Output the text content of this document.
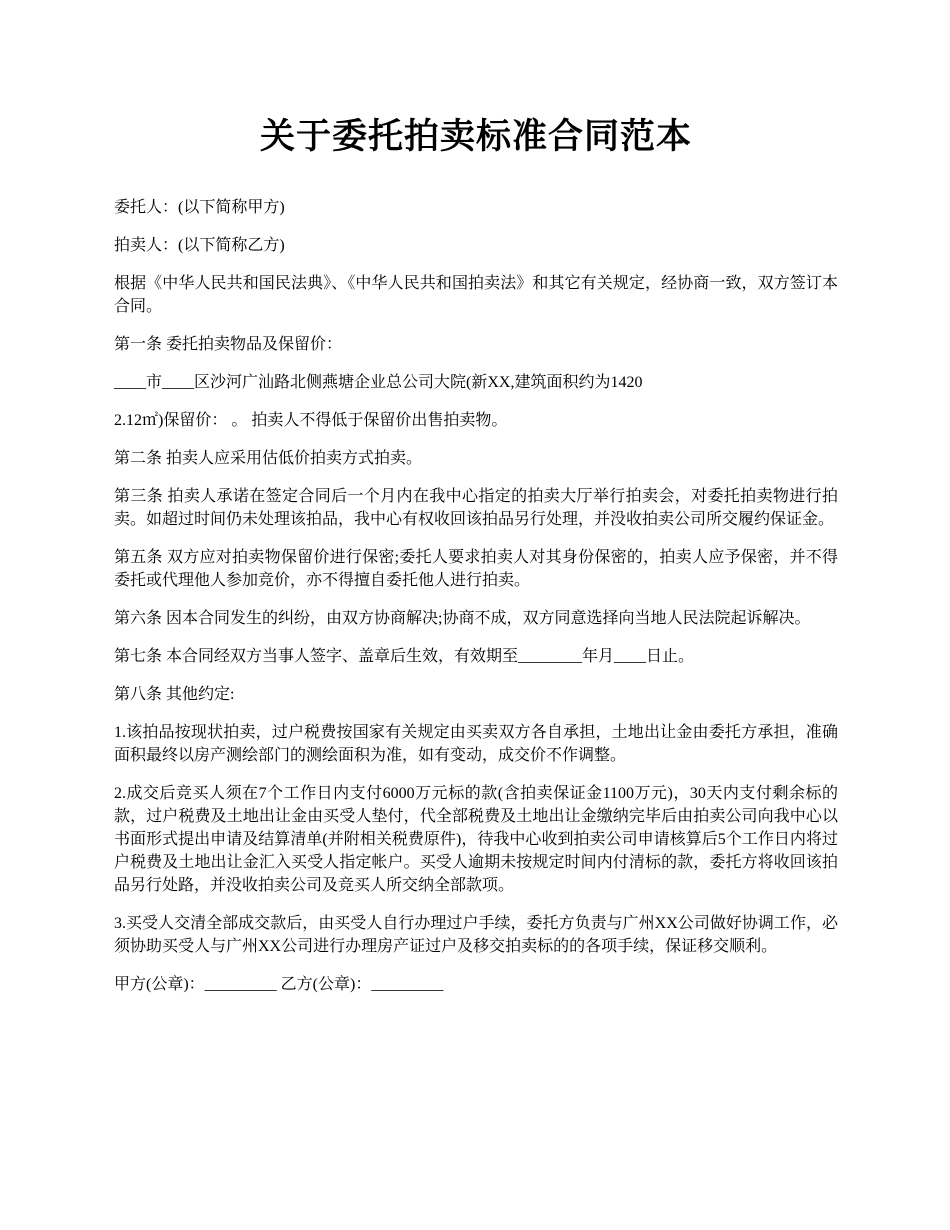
关于委托拍卖标准合同范本

委托人：(以下简称甲方)

拍卖人：(以下简称乙方)

根据《中华人民共和国民法典》、《中华人民共和国拍卖法》和其它有关规定，经协商一致，双方签订本合同。

第一条 委托拍卖物品及保留价：

____市____区沙河广汕路北侧燕塘企业总公司大院(新XX,建筑面积约为1420

2.12㎡)保留价： 。 拍卖人不得低于保留价出售拍卖物。

第二条 拍卖人应采用估低价拍卖方式拍卖。

第三条 拍卖人承诺在签定合同后一个月内在我中心指定的拍卖大厅举行拍卖会，对委托拍卖物进行拍卖。如超过时间仍未处理该拍品，我中心有权收回该拍品另行处理，并没收拍卖公司所交履约保证金。

第五条 双方应对拍卖物保留价进行保密;委托人要求拍卖人对其身份保密的，拍卖人应予保密，并不得委托或代理他人参加竞价，亦不得擅自委托他人进行拍卖。

第六条 因本合同发生的纠纷，由双方协商解决;协商不成，双方同意选择向当地人民法院起诉解决。

第七条 本合同经双方当事人签字、盖章后生效，有效期至________年月____日止。

第八条 其他约定:

1.该拍品按现状拍卖，过户税费按国家有关规定由买卖双方各自承担，土地出让金由委托方承担，准确面积最终以房产测绘部门的测绘面积为准，如有变动，成交价不作调整。

2.成交后竞买人须在7个工作日内支付6000万元标的款(含拍卖保证金1100万元)，30天内支付剩余标的款，过户税费及土地出让金由买受人垫付，代全部税费及土地出让金缴纳完毕后由拍卖公司向我中心以书面形式提出申请及结算清单(并附相关税费原件)，待我中心收到拍卖公司申请核算后5个工作日内将过户税费及土地出让金汇入买受人指定帐户。买受人逾期未按规定时间内付清标的款，委托方将收回该拍品另行处路，并没收拍卖公司及竞买人所交纳全部款项。

3.买受人交清全部成交款后，由买受人自行办理过户手续，委托方负责与广州XX公司做好协调工作，必须协助买受人与广州XX公司进行办理房产证过户及移交拍卖标的的各项手续，保证移交顺利。

甲方(公章)：_________ 乙方(公章)：_________
